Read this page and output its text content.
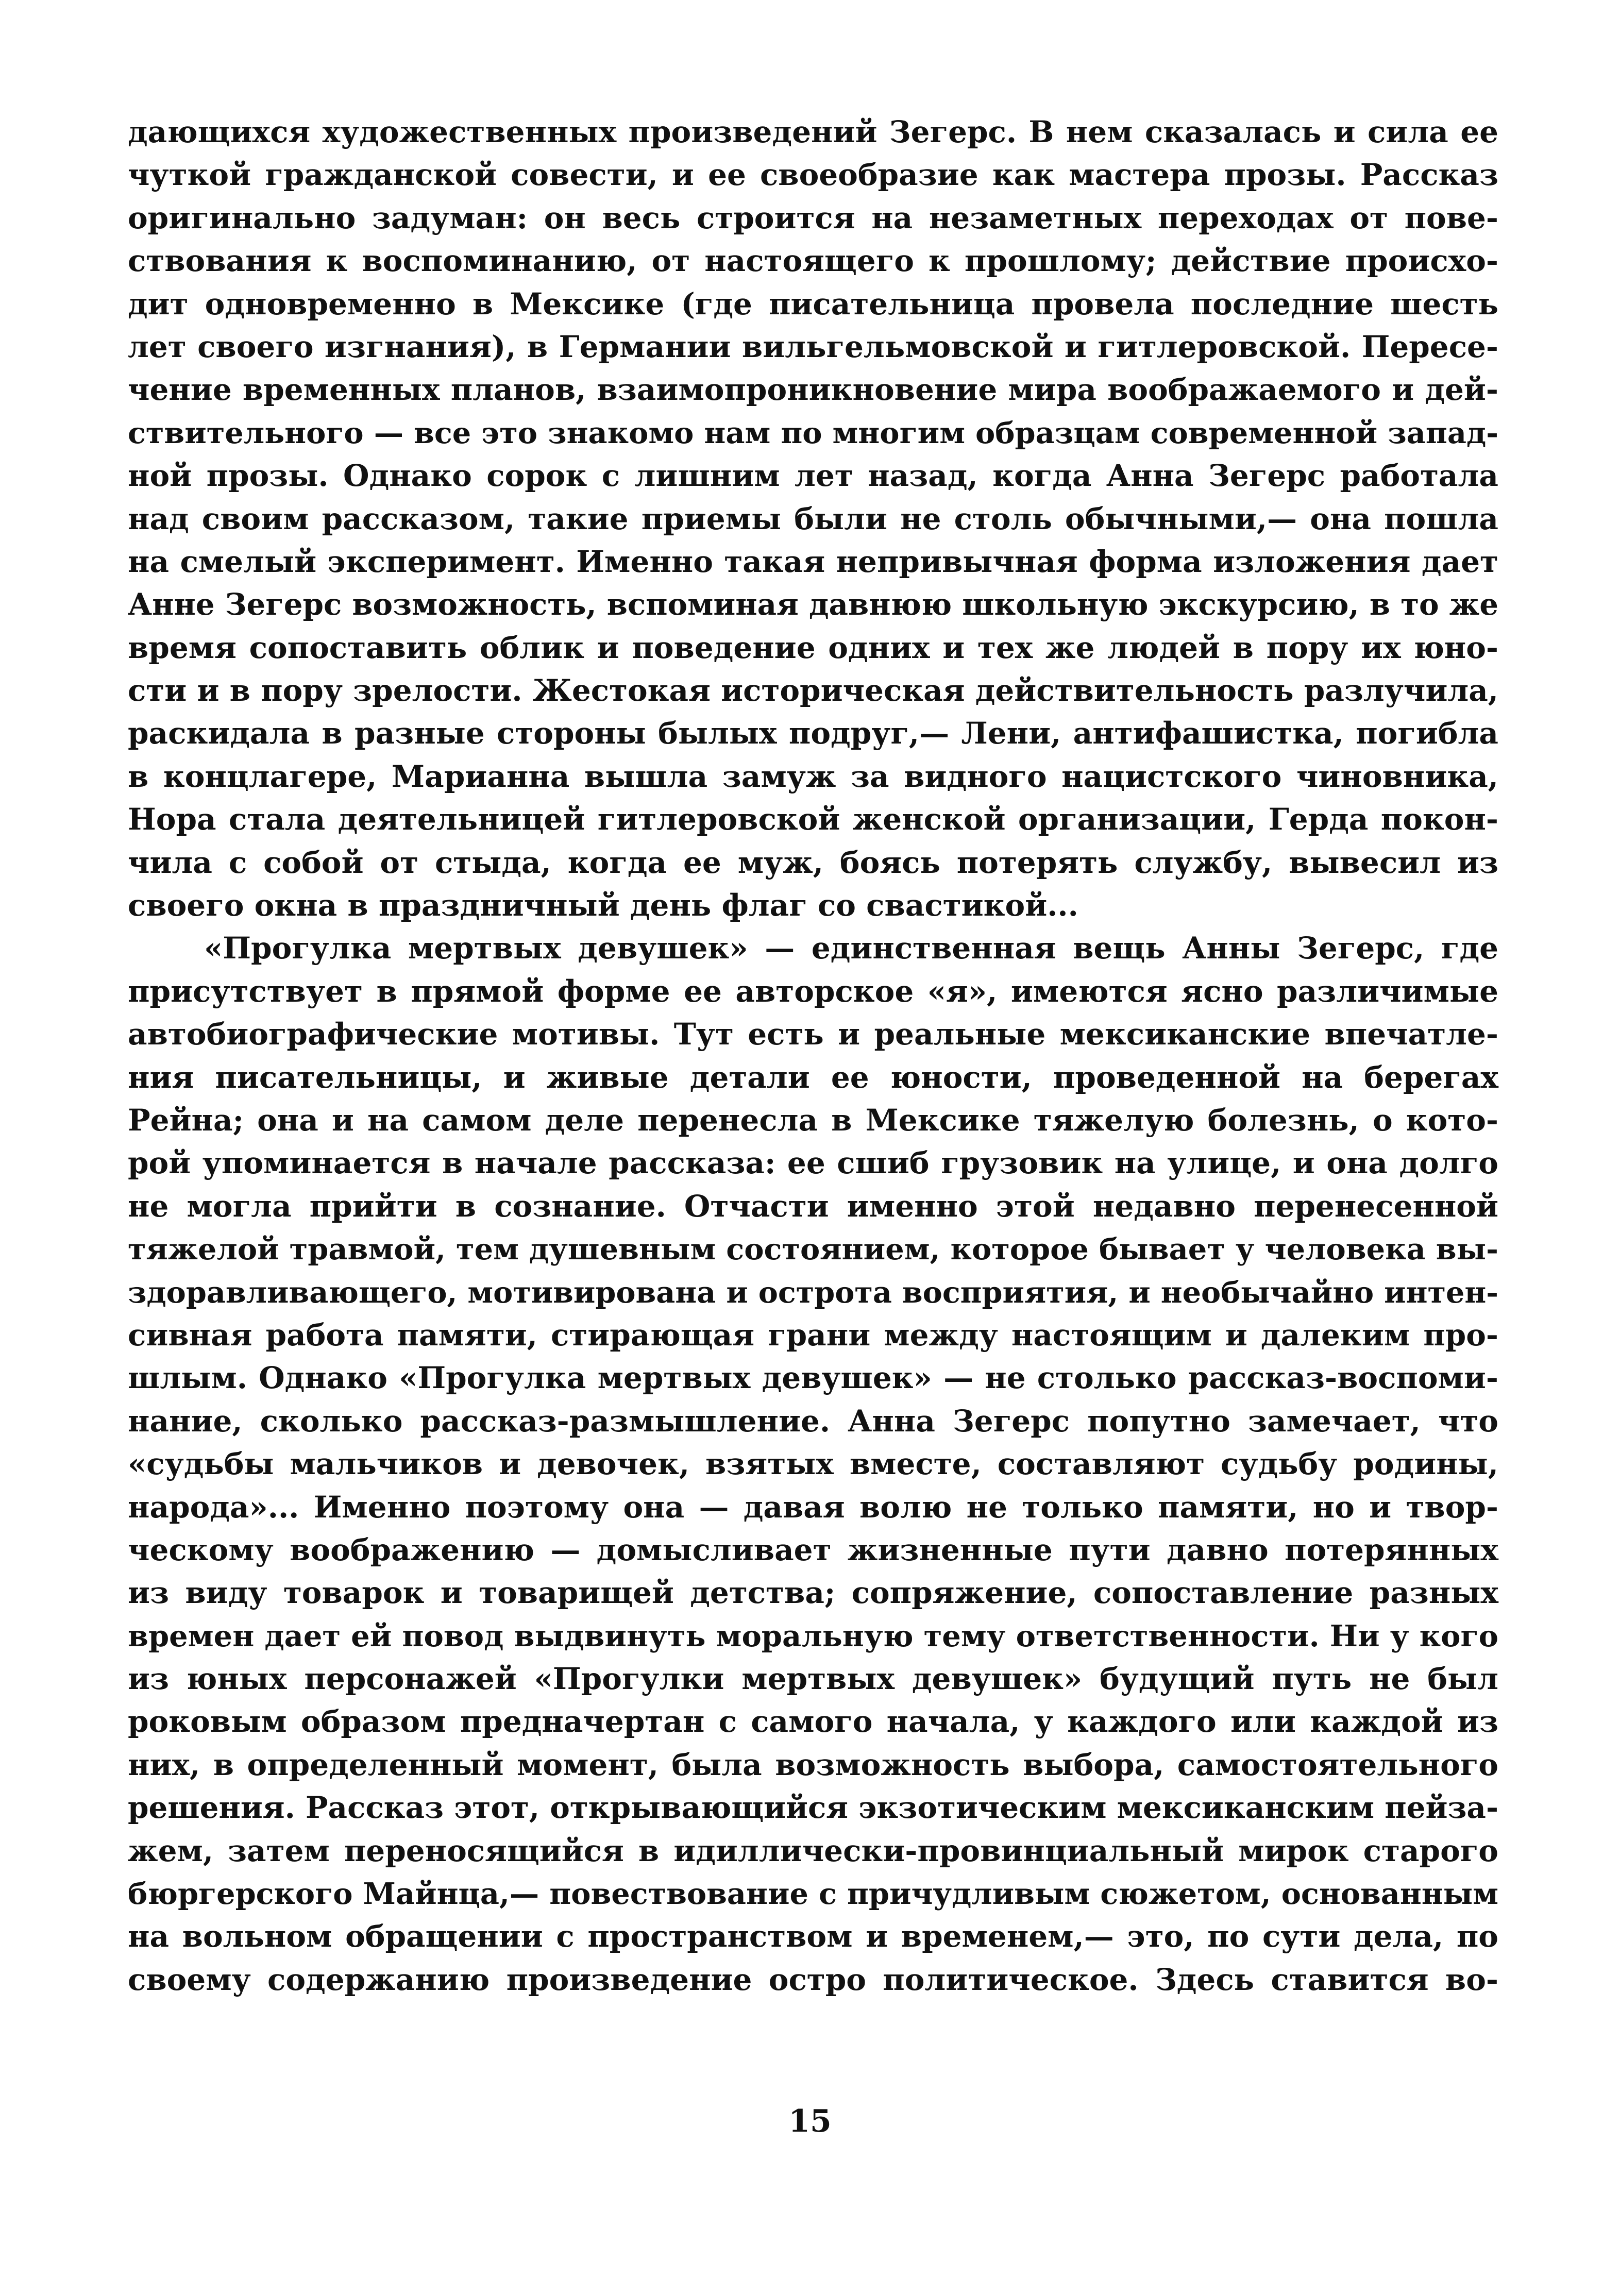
дающихся художественных произведений Зегерс. В нем сказалась и сила ее
чуткой гражданской совести, и ее своеобразие как мастера прозы. Рассказ
оригинально задуман: он весь строится на незаметных переходах от пове-
ствования к воспоминанию, от настоящего к прошлому; действие происхо-
дит одновременно в Мексике (где писательница провела последние шесть
лет своего изгнания), в Германии вильгельмовской и гитлеровской. Пересе-
чение временных планов, взаимопроникновение мира воображаемого и дей-
ствительного — все это знакомо нам по многим образцам современной запад-
ной прозы. Однако сорок с лишним лет назад, когда Анна Зегерс работала
над своим рассказом, такие приемы были не столь обычными,— она пошла
на смелый эксперимент. Именно такая непривычная форма изложения дает
Анне Зегерс возможность, вспоминая давнюю школьную экскурсию, в то же
время сопоставить облик и поведение одних и тех же людей в пору их юно-
сти и в пору зрелости. Жестокая историческая действительность разлучила,
раскидала в разные стороны былых подруг,— Лени, антифашистка, погибла
в концлагере, Марианна вышла замуж за видного нацистского чиновника,
Нора стала деятельницей гитлеровской женской организации, Герда покон-
чила с собой от стыда, когда ее муж, боясь потерять службу, вывесил из
своего окна в праздничный день флаг со свастикой...
«Прогулка мертвых девушек» — единственная вещь Анны Зегерс, где
присутствует в прямой форме ее авторское «я», имеются ясно различимые
автобиографические мотивы. Тут есть и реальные мексиканские впечатле-
ния писательницы, и живые детали ее юности, проведенной на берегах
Рейна; она и на самом деле перенесла в Мексике тяжелую болезнь, о кото-
рой упоминается в начале рассказа: ее сшиб грузовик на улице, и она долго
не могла прийти в сознание. Отчасти именно этой недавно перенесенной
тяжелой травмой, тем душевным состоянием, которое бывает у человека вы-
здоравливающего, мотивирована и острота восприятия, и необычайно интен-
сивная работа памяти, стирающая грани между настоящим и далеким про-
шлым. Однако «Прогулка мертвых девушек» — не столько рассказ-воспоми-
нание, сколько рассказ-размышление. Анна Зегерс попутно замечает, что
«судьбы мальчиков и девочек, взятых вместе, составляют судьбу родины,
народа»... Именно поэтому она — давая волю не только памяти, но и твор-
ческому воображению — домысливает жизненные пути давно потерянных
из виду товарок и товарищей детства; сопряжение, сопоставление разных
времен дает ей повод выдвинуть моральную тему ответственности. Ни у кого
из юных персонажей «Прогулки мертвых девушек» будущий путь не был
роковым образом предначертан с самого начала, у каждого или каждой из
них, в определенный момент, была возможность выбора, самостоятельного
решения. Рассказ этот, открывающийся экзотическим мексиканским пейза-
жем, затем переносящийся в идиллически-провинциальный мирок старого
бюргерского Майнца,— повествование с причудливым сюжетом, основанным
на вольном обращении с пространством и временем,— это, по сути дела, по
своему содержанию произведение остро политическое. Здесь ставится во-
15
